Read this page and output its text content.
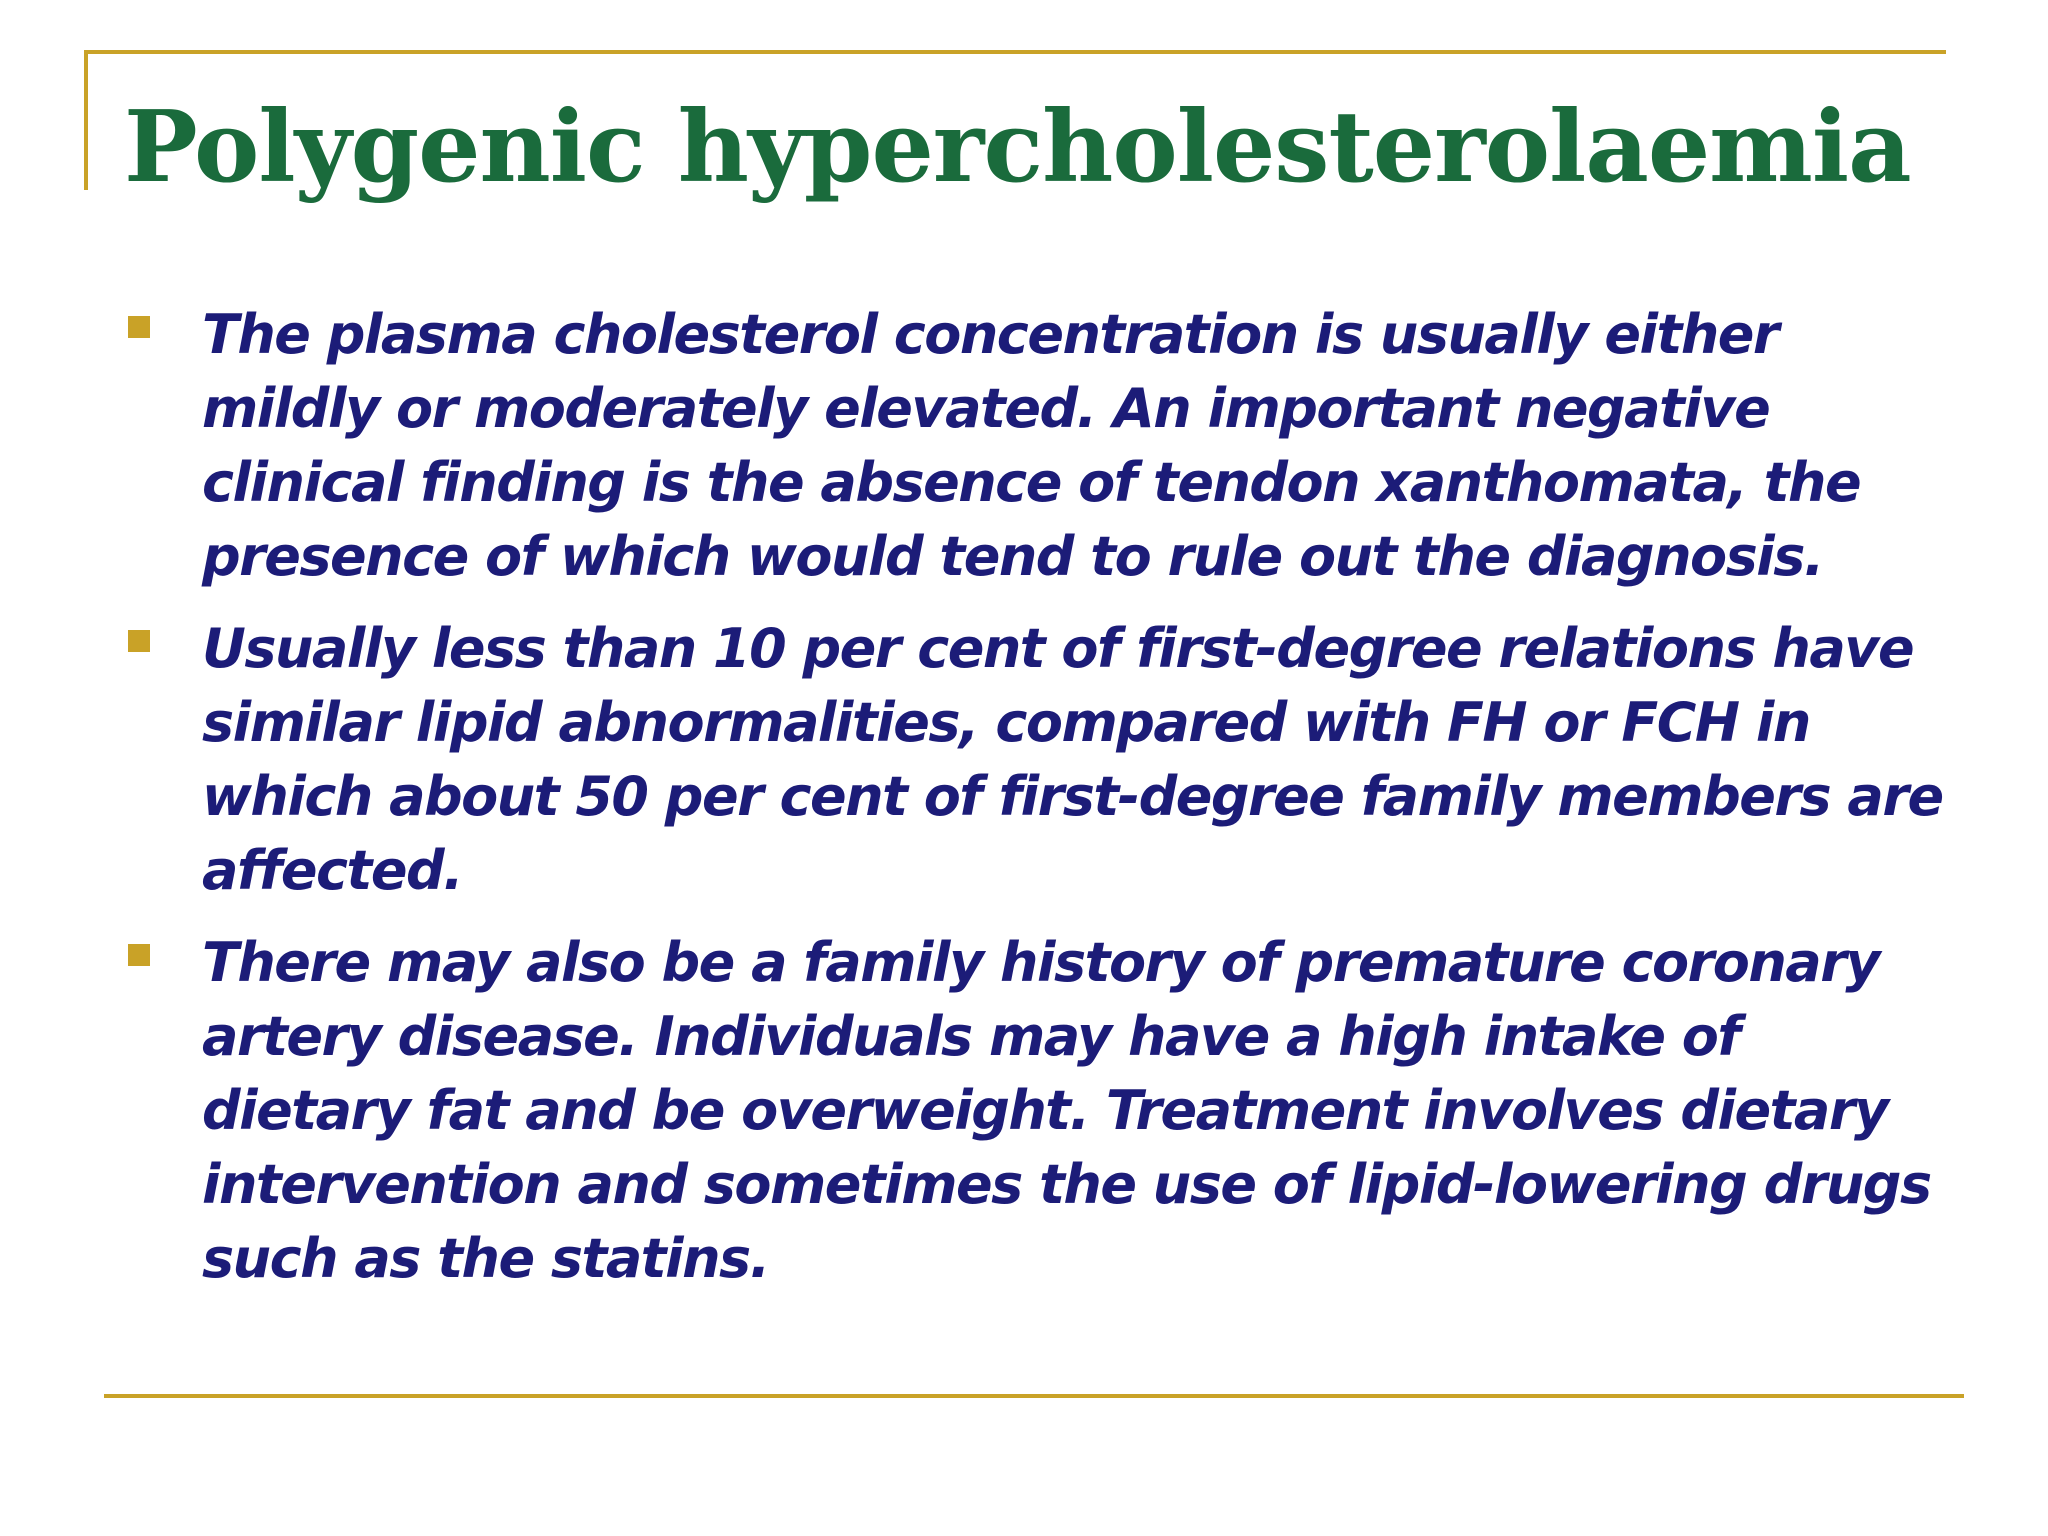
Polygenic hypercholesterolaemia
The plasma cholesterol concentration is usually either mildly or moderately elevated. An important negative clinical finding is the absence of tendon xanthomata, the presence of which would tend to rule out the diagnosis.
Usually less than 10 per cent of first-degree relations have similar lipid abnormalities, compared with FH or FCH in which about 50 per cent of first-degree family members are affected.
There may also be a family history of premature coronary artery disease. Individuals may have a high intake of dietary fat and be overweight. Treatment involves dietary intervention and sometimes the use of lipid-lowering drugs such as the statins.
